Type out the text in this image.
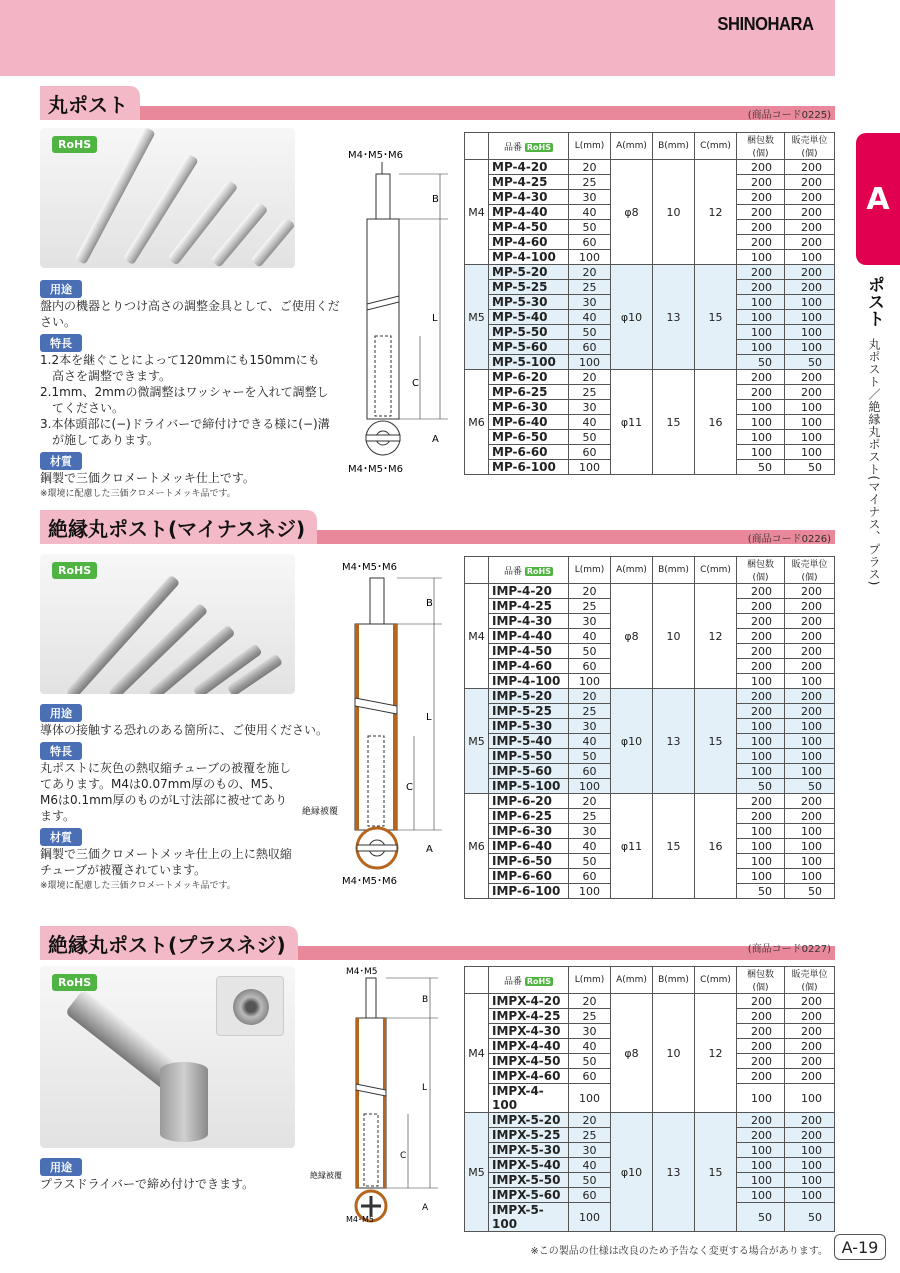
SHINOHARA
A
ポスト
丸ポスト／絶縁丸ポスト(マイナス、プラス)
丸ポスト	(商品コード0225)
RoHS
用途
盤内の機器とりつけ高さの調整金具として、ご使用ください。
特長
1.2本を継ぐことによって120mmにも150mmにも
　高さを調整できます。
2.1mm、2mmの微調整はワッシャーを入れて調整し
　てください。
3.本体頭部に(−)ドライバーで締付けできる様に(−)溝
　が施してあります。
材質
鋼製で三価クロメートメッキ仕上です。
※環境に配慮した三価クロメートメッキ品です。
M4･M5･M6
B
L
C
A
M4･M5･M6
	品番 RoHS	L(mm)	A(mm)	B(mm)	C(mm)	梱包数(個)	販売単位(個)
M4	MP-4-20	20	φ8	10	12	200	200
	MP-4-25	25				200	200
	MP-4-30	30				200	200
	MP-4-40	40				200	200
	MP-4-50	50				200	200
	MP-4-60	60				200	200
	MP-4-100	100				100	100
M5	MP-5-20	20	φ10	13	15	200	200
	MP-5-25	25				200	200
	MP-5-30	30				100	100
	MP-5-40	40				100	100
	MP-5-50	50				100	100
	MP-5-60	60				100	100
	MP-5-100	100				50	50
M6	MP-6-20	20	φ11	15	16	200	200
	MP-6-25	25				200	200
	MP-6-30	30				100	100
	MP-6-40	40				100	100
	MP-6-50	50				100	100
	MP-6-60	60				100	100
	MP-6-100	100				50	50
絶縁丸ポスト(マイナスネジ)	(商品コード0226)
RoHS
用途
導体の接触する恐れのある箇所に、ご使用ください。
特長
丸ポストに灰色の熱収縮チューブの被覆を施し
てあります。M4は0.07mm厚のもの、M5、
M6は0.1mm厚のものがL寸法部に被せてあり
ます。
材質
鋼製で三価クロメートメッキ仕上の上に熱収縮
チューブが被覆されています。
※環境に配慮した三価クロメートメッキ品です。
M4･M5･M6
B
L
C
絶縁被覆
A
M4･M5･M6
	品番 RoHS	L(mm)	A(mm)	B(mm)	C(mm)	梱包数(個)	販売単位(個)
M4	IMP-4-20	20	φ8	10	12	200	200
	IMP-4-25	25				200	200
	IMP-4-30	30				200	200
	IMP-4-40	40				200	200
	IMP-4-50	50				200	200
	IMP-4-60	60				200	200
	IMP-4-100	100				100	100
M5	IMP-5-20	20	φ10	13	15	200	200
	IMP-5-25	25				200	200
	IMP-5-30	30				100	100
	IMP-5-40	40				100	100
	IMP-5-50	50				100	100
	IMP-5-60	60				100	100
	IMP-5-100	100				50	50
M6	IMP-6-20	20	φ11	15	16	200	200
	IMP-6-25	25				200	200
	IMP-6-30	30				100	100
	IMP-6-40	40				100	100
	IMP-6-50	50				100	100
	IMP-6-60	60				100	100
	IMP-6-100	100				50	50
絶縁丸ポスト(プラスネジ)	(商品コード0227)
RoHS
用途
プラスドライバーで締め付けできます。
M4･M5
B
L
C
絶縁被覆
A
M4･M5
	品番 RoHS	L(mm)	A(mm)	B(mm)	C(mm)	梱包数(個)	販売単位(個)
M4	IMPX-4-20	20	φ8	10	12	200	200
	IMPX-4-25	25				200	200
	IMPX-4-30	30				200	200
	IMPX-4-40	40				200	200
	IMPX-4-50	50				200	200
	IMPX-4-60	60				200	200
	IMPX-4-100	100				100	100
M5	IMPX-5-20	20	φ10	13	15	200	200
	IMPX-5-25	25				200	200
	IMPX-5-30	30				100	100
	IMPX-5-40	40				100	100
	IMPX-5-50	50				100	100
	IMPX-5-60	60				100	100
	IMPX-5-100	100				50	50
※この製品の仕様は改良のため予告なく変更する場合があります。 A-19
